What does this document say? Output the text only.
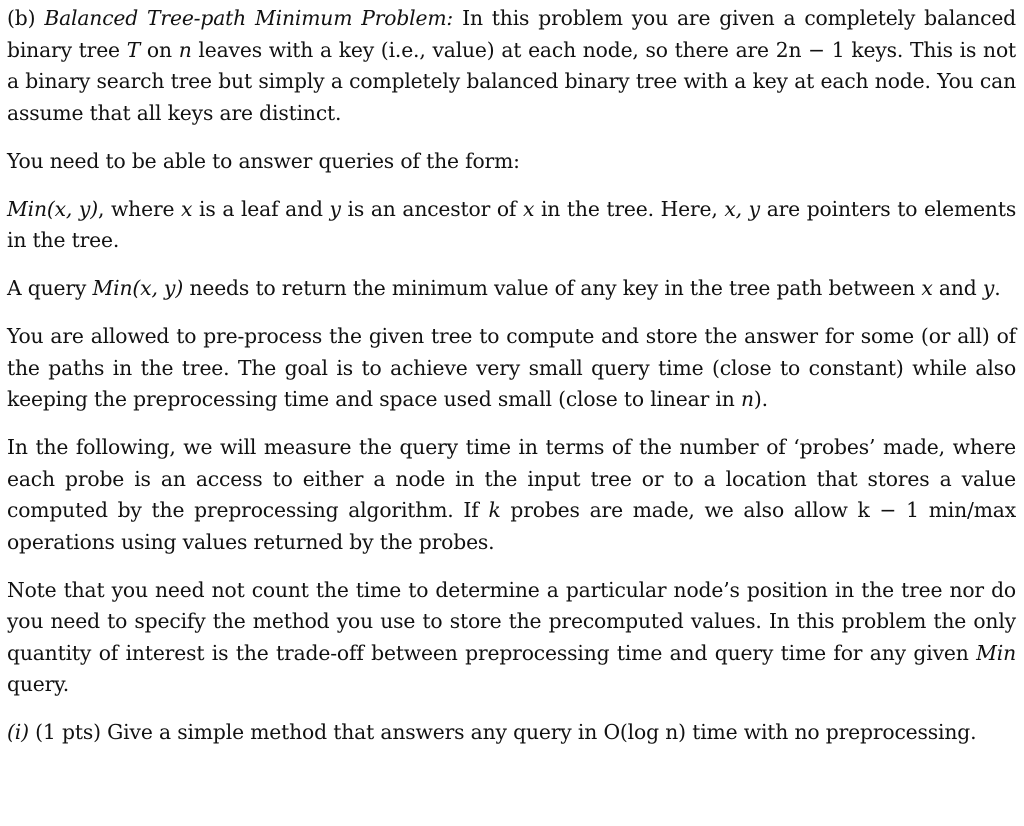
(b) Balanced Tree-path Minimum Problem: In this problem you are given a completely balanced binary tree T on n leaves with a key (i.e., value) at each node, so there are 2n − 1 keys. This is not a binary search tree but simply a completely balanced binary tree with a key at each node. You can assume that all keys are distinct.

You need to be able to answer queries of the form:

Min(x, y), where x is a leaf and y is an ancestor of x in the tree. Here, x, y are pointers to elements in the tree.

A query Min(x, y) needs to return the minimum value of any key in the tree path between x and y.

You are allowed to pre-process the given tree to compute and store the answer for some (or all) of the paths in the tree. The goal is to achieve very small query time (close to constant) while also keeping the preprocessing time and space used small (close to linear in n).

In the following, we will measure the query time in terms of the number of ‘probes’ made, where each probe is an access to either a node in the input tree or to a location that stores a value computed by the preprocessing algorithm. If k probes are made, we also allow k − 1 min/max operations using values returned by the probes.

Note that you need not count the time to determine a particular node’s position in the tree nor do you need to specify the method you use to store the precomputed values. In this problem the only quantity of interest is the trade-off between preprocessing time and query time for any given Min query.

(i) (1 pts) Give a simple method that answers any query in O(log n) time with no preprocessing.
